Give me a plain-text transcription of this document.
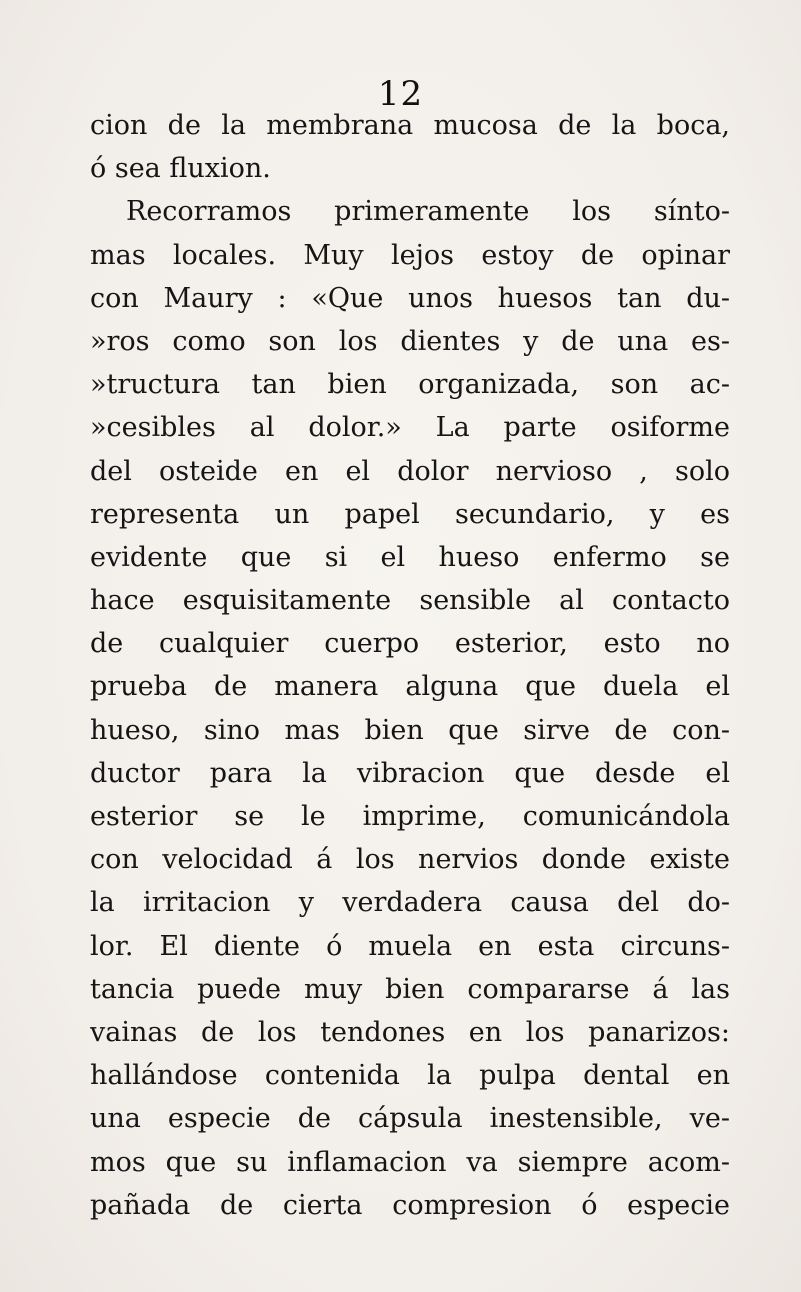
12
cion de la membrana mucosa de la boca,
ó sea fluxion.
Recorramos primeramente los sínto-
mas locales. Muy lejos estoy de opinar
con Maury : «Que unos huesos tan du-
»ros como son los dientes y de una es-
»tructura tan bien organizada, son ac-
»cesibles al dolor.» La parte osiforme
del osteide en el dolor nervioso , solo
representa un papel secundario, y es
evidente que si el hueso enfermo se
hace esquisitamente sensible al contacto
de cualquier cuerpo esterior, esto no
prueba de manera alguna que duela el
hueso, sino mas bien que sirve de con-
ductor para la vibracion que desde el
esterior se le imprime, comunicándola
con velocidad á los nervios donde existe
la irritacion y verdadera causa del do-
lor. El diente ó muela en esta circuns-
tancia puede muy bien compararse á las
vainas de los tendones en los panarizos:
hallándose contenida la pulpa dental en
una especie de cápsula inestensible, ve-
mos que su inflamacion va siempre acom-
pañada de cierta compresion ó especie
